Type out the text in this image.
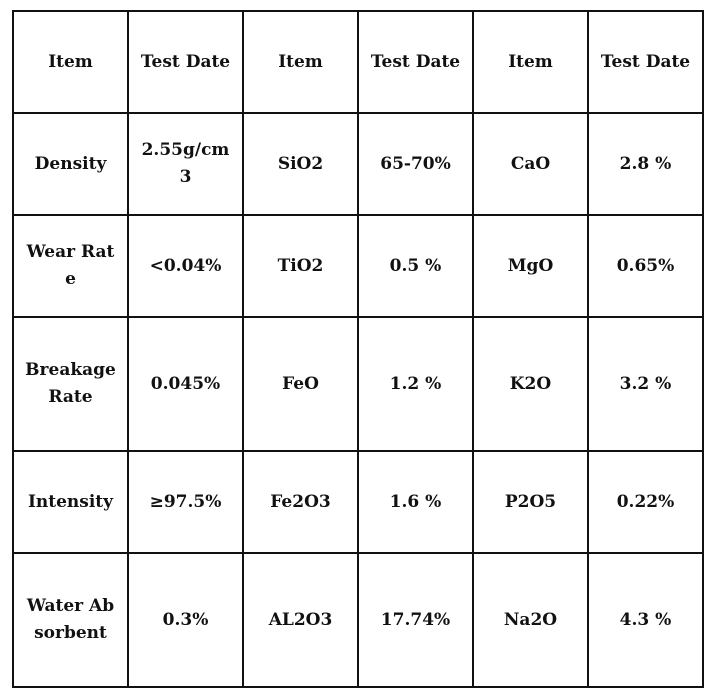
Item	Test Date	Item	Test Date	Item	Test Date
Density	2.55g/cm3	SiO2	65-70%	CaO	2.8 %
Wear Rate	<0.04%	TiO2	0.5 %	MgO	0.65%
Breakage Rate	0.045%	FeO	1.2 %	K2O	3.2 %
Intensity	≥97.5%	Fe2O3	1.6 %	P2O5	0.22%
Water Absorbent	0.3%	AL2O3	17.74%	Na2O	4.3 %
